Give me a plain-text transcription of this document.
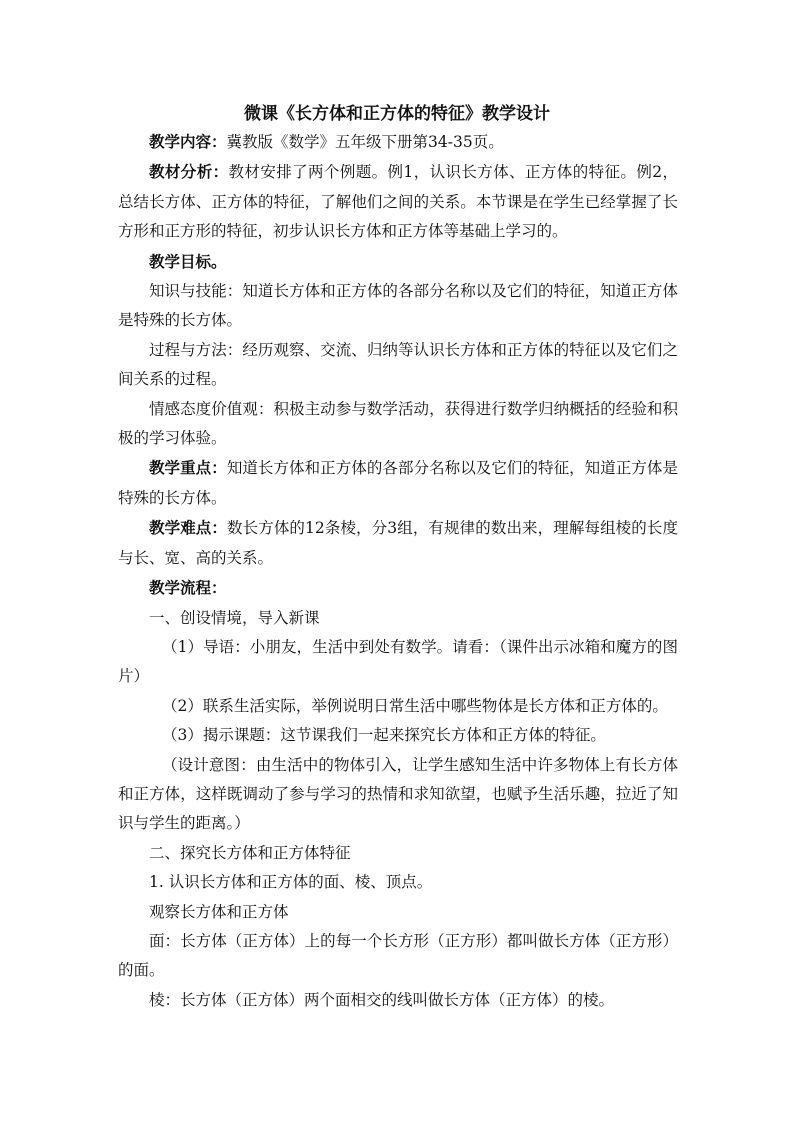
微课《长方体和正方体的特征》教学设计

教学内容：冀教版《数学》五年级下册第34-35页。

教材分析：教材安排了两个例题。例1，认识长方体、正方体的特征。例2，总结长方体、正方体的特征，了解他们之间的关系。本节课是在学生已经掌握了长方形和正方形的特征，初步认识长方体和正方体等基础上学习的。

教学目标。

知识与技能：知道长方体和正方体的各部分名称以及它们的特征，知道正方体是特殊的长方体。

过程与方法：经历观察、交流、归纳等认识长方体和正方体的特征以及它们之间关系的过程。

情感态度价值观：积极主动参与数学活动，获得进行数学归纳概括的经验和积极的学习体验。

教学重点：知道长方体和正方体的各部分名称以及它们的特征，知道正方体是特殊的长方体。

教学难点：数长方体的12条棱，分3组，有规律的数出来，理解每组棱的长度与长、宽、高的关系。

教学流程：

一、创设情境，导入新课

（1）导语：小朋友，生活中到处有数学。请看：（课件出示冰箱和魔方的图片）

（2）联系生活实际，举例说明日常生活中哪些物体是长方体和正方体的。

（3）揭示课题：这节课我们一起来探究长方体和正方体的特征。

（设计意图：由生活中的物体引入，让学生感知生活中许多物体上有长方体和正方体，这样既调动了参与学习的热情和求知欲望，也赋予生活乐趣，拉近了知识与学生的距离。）

二、探究长方体和正方体特征

1. 认识长方体和正方体的面、棱、顶点。

观察长方体和正方体

面：长方体（正方体）上的每一个长方形（正方形）都叫做长方体（正方形）的面。

棱：长方体（正方体）两个面相交的线叫做长方体（正方体）的棱。
